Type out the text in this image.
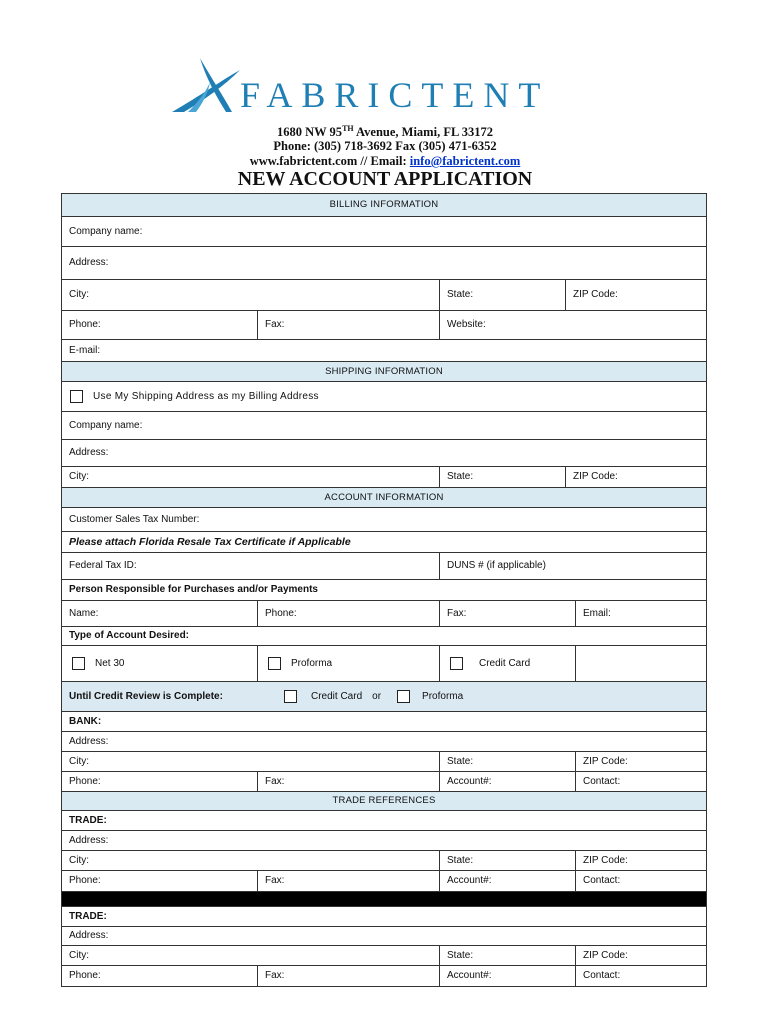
FABRICTENT
1680 NW 95TH Avenue, Miami, FL 33172
Phone: (305) 718-3692 Fax (305) 471-6352
www.fabrictent.com // Email: info@fabrictent.com
NEW ACCOUNT APPLICATION
BILLING INFORMATION
Company name:
Address:
City:	State:	ZIP Code:
Phone:	Fax:	Website:
E-mail:
SHIPPING INFORMATION
Use My Shipping Address as my Billing Address
Company name:
Address:
City:	State:	ZIP Code:
ACCOUNT INFORMATION
Customer Sales Tax Number:
Please attach Florida Resale Tax Certificate if Applicable
Federal Tax ID:	DUNS # (if applicable)
Person Responsible for Purchases and/or Payments
Name:	Phone:	Fax:	Email:
Type of Account Desired:
Net 30	Proforma	Credit Card
Until Credit Review is Complete:	Credit Card or	Proforma
BANK:
Address:
City:	State:	ZIP Code:
Phone:	Fax:	Account#:	Contact:
TRADE REFERENCES
TRADE:
Address:
City:	State:	ZIP Code:
Phone:	Fax:	Account#:	Contact:
TRADE:
Address:
City:	State:	ZIP Code:
Phone:	Fax:	Account#:	Contact:
